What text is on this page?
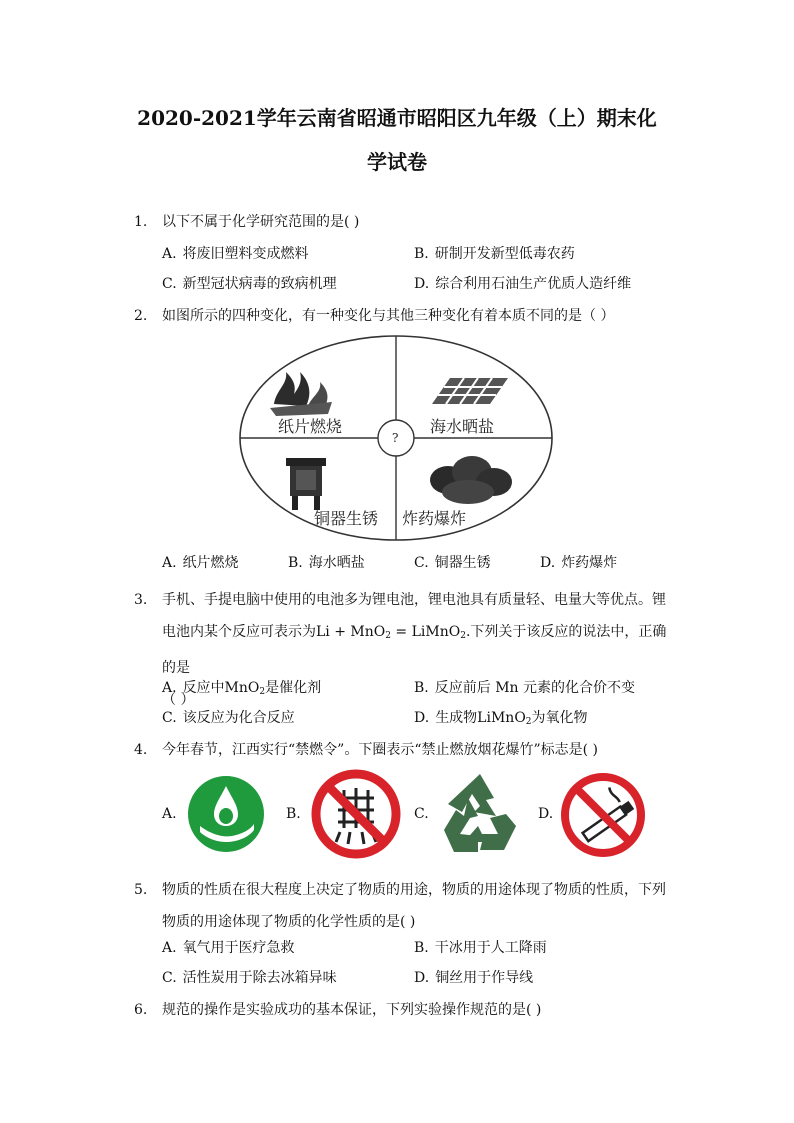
2020-2021学年云南省昭通市昭阳区九年级（上）期末化
学试卷
1.	以下不属于化学研究范围的是( )
A. 将废旧塑料变成燃料	B. 研制开发新型低毒农药
C. 新型冠状病毒的致病机理	D. 综合利用石油生产优质人造纤维
2.	如图所示的四种变化，有一种变化与其他三种变化有着本质不同的是（ ）
纸片燃烧	海水晒盐
铜器生锈 炸药爆炸
?
A. 纸片燃烧	B. 海水晒盐	C. 铜器生锈	D. 炸药爆炸
3.	手机、手提电脑中使用的电池多为锂电池，锂电池具有质量轻、电量大等优点。锂
电池内某个反应可表示为Li + MnO$_2$ = LiMnO$_2$.下列关于该反应的说法中，正确的是
（ ）
A. 反应中MnO$_2$是催化剂	B. 反应前后 Mn 元素的化合价不变
C. 该反应为化合反应	D. 生成物LiMnO$_2$为氧化物
4.	今年春节，江西实行“禁燃令”。下圈表示“禁止燃放烟花爆竹”标志是( )
A.	B.	C.	D.
5.	物质的性质在很大程度上决定了物质的用途，物质的用途体现了物质的性质，下列
物质的用途体现了物质的化学性质的是( )
A. 氧气用于医疗急救	B. 干冰用于人工降雨
C. 活性炭用于除去冰箱异味	D. 铜丝用于作导线
6.	规范的操作是实验成功的基本保证，下列实验操作规范的是( )
